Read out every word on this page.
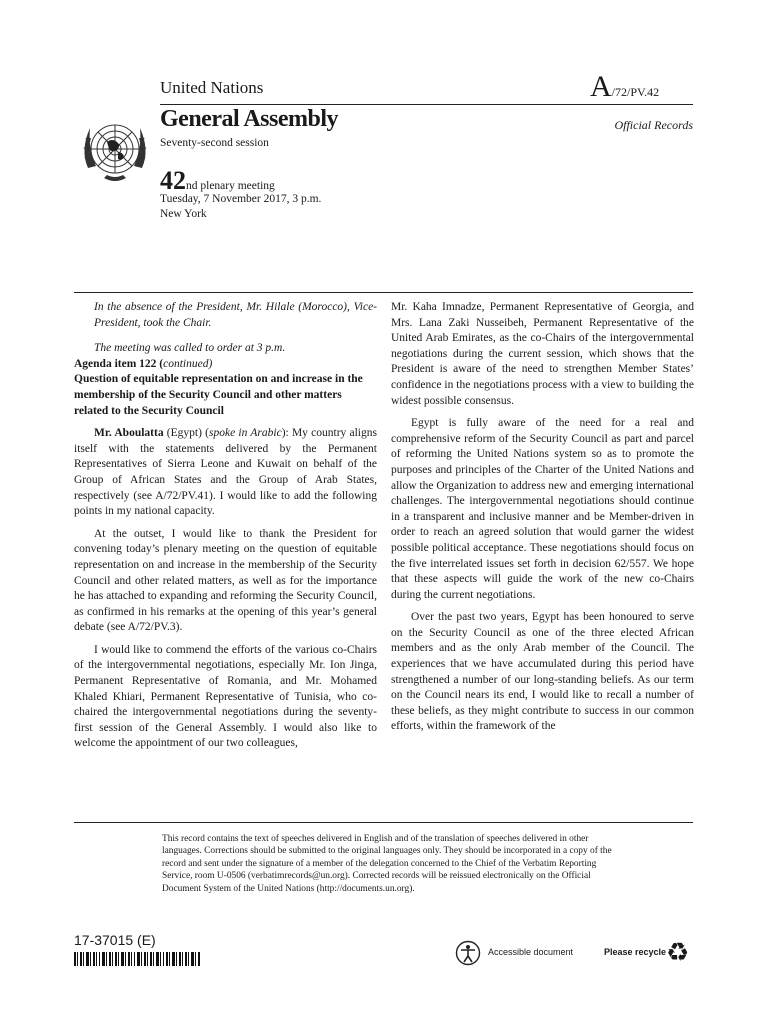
United Nations	A /72/PV.42
General Assembly	Official Records
Seventy-second session
42nd plenary meeting
Tuesday, 7 November 2017, 3 p.m.
New York

In the absence of the President, Mr. Hilale (Morocco), Vice-President, took the Chair.

The meeting was called to order at 3 p.m.

Agenda item 122 (continued)

Question of equitable representation on and increase in the membership of the Security Council and other matters related to the Security Council

Mr. Aboulatta (Egypt) (spoke in Arabic): My country aligns itself with the statements delivered by the Permanent Representatives of Sierra Leone and Kuwait on behalf of the Group of African States and the Group of Arab States, respectively (see A/72/PV.41). I would like to add the following points in my national capacity.

At the outset, I would like to thank the President for convening today’s plenary meeting on the question of equitable representation on and increase in the membership of the Security Council and other related matters, as well as for the importance he has attached to expanding and reforming the Security Council, as confirmed in his remarks at the opening of this year’s general debate (see A/72/PV.3).

I would like to commend the efforts of the various co-Chairs of the intergovernmental negotiations, especially Mr. Ion Jinga, Permanent Representative of Romania, and Mr. Mohamed Khaled Khiari, Permanent Representative of Tunisia, who co-chaired the intergovernmental negotiations during the seventy-first session of the General Assembly. I would also like to welcome the appointment of our two colleagues,

Mr. Kaha Imnadze, Permanent Representative of Georgia, and Mrs. Lana Zaki Nusseibeh, Permanent Representative of the United Arab Emirates, as the co-Chairs of the intergovernmental negotiations during the current session, which shows that the President is aware of the need to strengthen Member States’ confidence in the negotiations process with a view to building the widest possible consensus.

Egypt is fully aware of the need for a real and comprehensive reform of the Security Council as part and parcel of reforming the United Nations system so as to promote the purposes and principles of the Charter of the United Nations and allow the Organization to address new and emerging international challenges. The intergovernmental negotiations should continue in a transparent and inclusive manner and be Member-driven in order to reach an agreed solution that would garner the widest possible political acceptance. These negotiations should focus on the five interrelated issues set forth in decision 62/557. We hope that these aspects will guide the work of the new co-Chairs during the current negotiations.

Over the past two years, Egypt has been honoured to serve on the Security Council as one of the three elected African members and as the only Arab member of the Council. The experiences that we have accumulated during this period have strengthened a number of our long-standing beliefs. As our term on the Council nears its end, I would like to recall a number of these beliefs, as they might contribute to success in our common efforts, within the framework of the

This record contains the text of speeches delivered in English and of the translation of speeches delivered in other languages. Corrections should be submitted to the original languages only. They should be incorporated in a copy of the record and sent under the signature of a member of the delegation concerned to the Chief of the Verbatim Reporting Service, room U-0506 (verbatimrecords@un.org). Corrected records will be reissued electronically on the Official Document System of the United Nations (http://documents.un.org).
17-37015 (E)
Accessible document	Please recycle ♻
